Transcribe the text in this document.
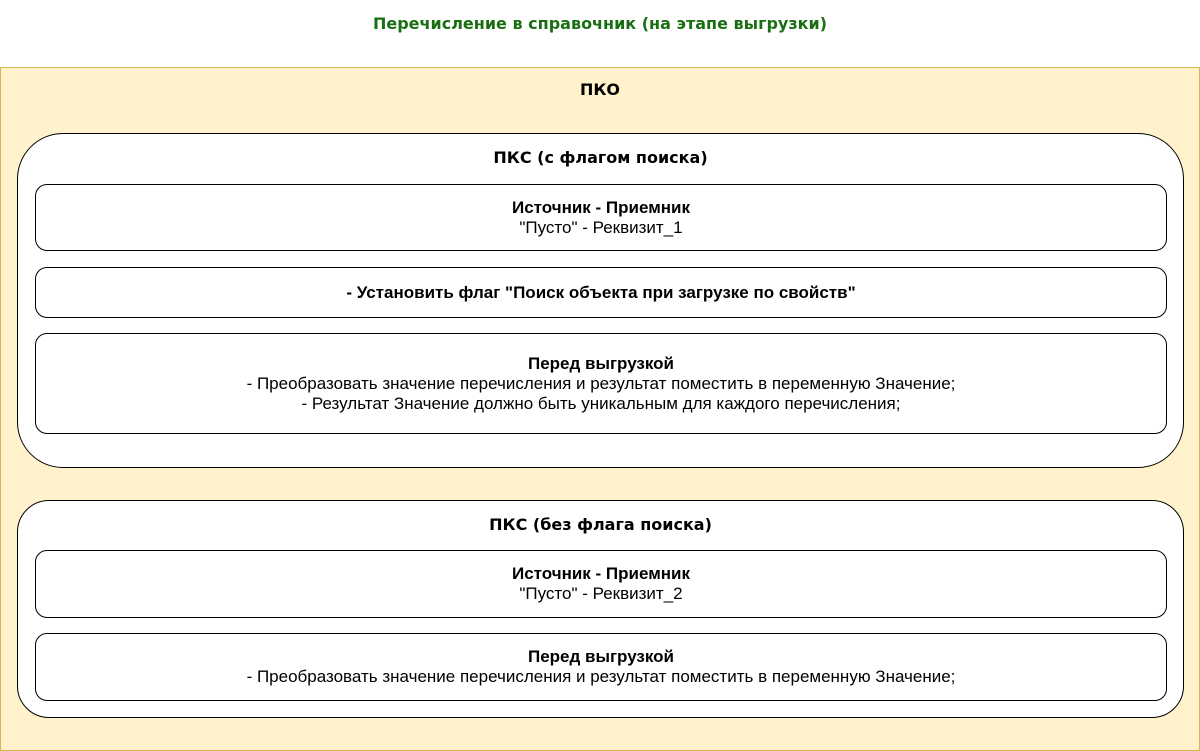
Перечисление в справочник (на этапе выгрузки)
ПКО
ПКС (с флагом поиска)
Источник - Приемник
"Пусто" - Реквизит_1
- Установить флаг "Поиск объекта при загрузке по свойств"
Перед выгрузкой
- Преобразовать значение перечисления и результат поместить в переменную Значение;
- Результат Значение должно быть уникальным для каждого перечисления;
ПКС (без флага поиска)
Источник - Приемник
"Пусто" - Реквизит_2
Перед выгрузкой
- Преобразовать значение перечисления и результат поместить в переменную Значение;
